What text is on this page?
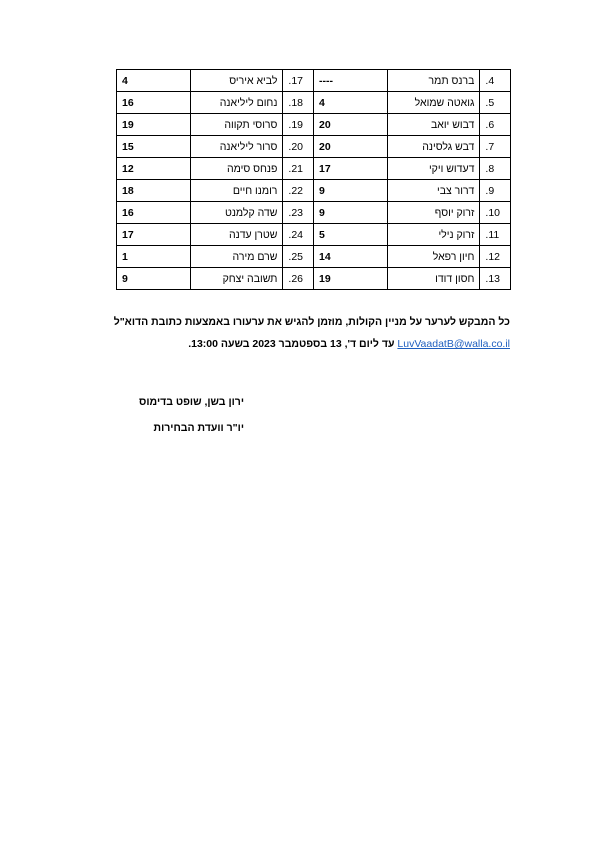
4.	ברנס תמר	----	17.	לביא איריס	4
5.	גואטה שמואל	4	18.	נחום ליליאנה	16
6.	דבוש יואב	20	19.	סרוסי תקווה	19
7.	דבש גלסינה	20	20.	סרור ליליאנה	15
8.	דעדוש ויקי	17	21.	פנחס סימה	12
9.	דרור צבי	9	22.	רומנו חיים	18
10.	זרוק יוסף	9	23.	שדה קלמנט	16
11.	זרוק נילי	5	24.	שטרן עדנה	17
12.	חיון רפאל	14	25.	שרם מירה	1
13.	חסון דודו	19	26.	תשובה יצחק	9
כל המבקש לערער על מניין הקולות, מוזמן להגיש את ערעורו באמצעות כתובת הדוא"ל
LuvVaadatB@walla.co.il עד ליום ד', 13 בספטמבר 2023 בשעה 13:00.
ירון בשן, שופט בדימוס
יו"ר וועדת הבחירות
